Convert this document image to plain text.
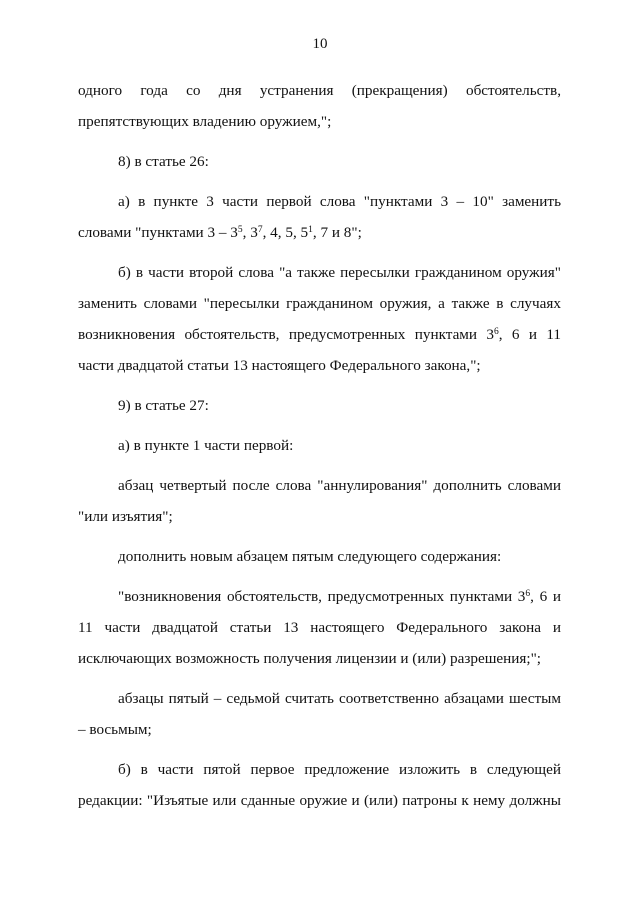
10

одного года со дня устранения (прекращения) обстоятельств, препятствующих владению оружием,";

8) в статье 26:

а) в пункте 3 части первой слова "пунктами 3 – 10" заменить словами "пунктами $3 - 3^5$, $3^7$, 4, 5, $5^1$, 7 и 8";

б) в части второй слова "а также пересылки гражданином оружия" заменить словами "пересылки гражданином оружия, а также в случаях возникновения обстоятельств, предусмотренных пунктами $3^6$, 6 и 11 части двадцатой статьи 13 настоящего Федерального закона,";

9) в статье 27:

а) в пункте 1 части первой:

абзац четвертый после слова "аннулирования" дополнить словами "или изъятия";

дополнить новым абзацем пятым следующего содержания:

"возникновения обстоятельств, предусмотренных пунктами $3^6$, 6 и 11 части двадцатой статьи 13 настоящего Федерального закона и исключающих возможность получения лицензии и (или) разрешения;";

абзацы пятый – седьмой считать соответственно абзацами шестым – восьмым;

б) в части пятой первое предложение изложить в следующей редакции: "Изъятые или сданные оружие и (или) патроны к нему должны
